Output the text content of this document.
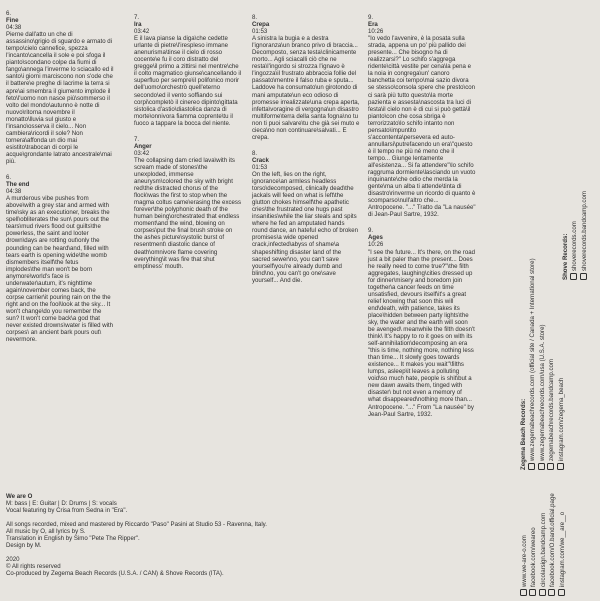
6.
Fine
04:38
Pierne dall'atto un che di assassino\grigio di sguardo e armato di tempo\cielo cannefice, spezza l'incanto\cancella il sole e poi sfoga il pianto\scondano colpe da fiumi di fango\annega l'inverme lo sciacallo ed il santo\i giorni marciscono non s'ode che il battere\e preghe di lacrime la terra si apre\ai smembra il giumento implode il feto\l'uomo non nasce più\sommerso il volto del mondo\autunno è notte di nuovo\ritorna novembre il monatto\lluvia sul giusto e l'insano\osserva il cielo... Non cambiera\ricordi il sole? Non tornera\affonda un dio mai esistito\trabocan di corpi le acque\grondante latrato ancestrale\mai più.
6.
The end
04:38
A murderous vibe pushes from above\with a grey star and armed with time\sky as an executioner, breaks the spell\obliterates the sun\ pours out the tears\mud rivers flood out guilts\the powerless, the saint and looter drown\days are rotting out\only the pounding can be heard\and, filled with tears earth is opening wide\the womb dismembers itself\the fetus implodes\the man won't be born anymore\world's face is underwater\autum, it's nighttime again\november comes back, the corpse carrier\it pouring rain on the the right and on the fool\look at the sky... It won't change\do you remember the sun? It won't come back\a god that never existed drowns\water is filled with corpses\ an ancient bark pours out\ nevermore.
7.
Ira
03:42
E il lava pianse la diga\che cedette urlante di pietre\l'irespleso immane anenurisma\tinse il cielo di rosso cocente\e fu il coro distratto del gregge\il primo a zittirsi nel mentre\che il colto magmatico giunse\cancellando il superfluo per sempre\il polifonico morir dell'uomo\orchestrò quell'eterno secondo\ed il vento soffiando sui corpi\completò il cinereo dipinto\gittata sistolica d'astio\diastolica danza di morte\onnivora fiamma coprente\tu il fuoco a tappare la bocca del niente.
7.
Anger
03:42
The collapsing dam cried lava\with its scream made of stones\the unexploded, immense aneurysm\colored the sky with bright red\the distracted chorus of the flock\was the first to stop when the magma coltus came\erasing the excess forever\the polyphonic death of the human being\orchestrated that endless moment\and the wind, blowing on corpses\put the final brush stroke on the ashes picture\systolic burst of resentment\ diastolic dance of death\omnivore flame covering everything\it was fire that shut emptiness' mouth.
8.
Crepa
01:53
A sinistra la bugia e a destra l'ignoranza\un branco privo di braccia... Decomposto, senza testa\clinicamente morto... Agli sciacalli ciò che ne resta\l'ingordo si strozza l'ignavo è l'ingozza\il frustrato abbraccia follie del passato\mentre il falso ruba e sputa... Laddove ha consumato\un girotondo di mani amputate\un eco odioso di promesse irrealizzate\una crepa aperta, infetta\voragine di vergogna\un disastro multiforme\terra della santa fogna\no tu non ti puoi salvare\tu che già sei muto e cieca\no non continuare\salvati... E crepa.
8.
Crack
01:53
On the left, lies on the right, ignorance\an armless headless torso\decomposed, clinically dead\the jackals will feed on what is left\the glutton chokes himself\the apathetic cries\the frustrated one hugs past insanities\while the liar steals and spits where he fed an amputated hands round dance, an hateful echo of broken promises\a wide opened crack,infected\abyss of shame\a shapeshifting disaster land of the sacred sewer\no, you can't save yourself\you're already dumb and blind\no, you can't go one\save yourself... And die.
9.
Era
10:26
"Io vedo l'avvenire, è la posata sulla strada, appena un po' più pallido dei presente... Che bisogno ha di realizzarsi?" Lo schifo s'aggrega ridente\città vestite per cena\la pena e la noia in congrega\un' canoro banchetta coi tempo\mai sazio divora se stesso\consola spere che presto\con ci sarà più tutto questo\la morte pazienta e assesta\nascosta tra luci di festa\il cielo non è di cui si può gettà\il pianto\con che cosa sbriga è terrorizzato\lo schifo intanto non pensato\impuntito s'accontenta\persevera ed auto-annullarsi\putrefacendo un era\"questo è il tempo ne più né meno che il tempo... Giunge lentamente all'esistenza... Si fa attendere"\lo schifo raggruma dormiente\lasciando un vuoto inquinante\che odio che merda la gente\ma un alba ti attende\tinta di disastro\rinverme un ricordo di quanto è scomparso\null'altro che... Antropocene. "..." Tratto da "La nausée" di Jean-Paul Sartre, 1932.
9.
Ages
10:26
"I see the future... It's there, on the road just a bit paler than the present... Does he really need to come true?"\the filth aggregates, laughing\cities dressed up for dinner\misery and boredom join together\a cancer feeds on time unsatisfied, devours itself\it's a great relief knowing that soon this will end\death, with patience, takes its place\hidden between party lights\the sky, the water and the earth will soon be avenged\ meanwhile the filth doesn't think\ It's happy to ro it goes on with its self-annihilation\decomposing an era "this is time, nothing more, nothing less than time... It slowly goes towards existence... It makes you wait"\filths lumps, asleep\it leaves a polluting void\so much hate, people is shit\but a new dawn awaits them, tinged with disaster\ but not even a memory of what disappeared\nothing more than... Antropocene. "..." From "La nausée" by Jean-Paul Sartre, 1932.
We are O

M: bass | E: Guitar | D: Drums | S: vocals

Vocal featuring by Crisa from Sedna in "Era".

All songs recorded, mixed and mastered by Riccardo "Paso" Pasini at Studio 53 - Ravenna, Italy.

All music by O, all lyrics by S.

Translation in English by Simo "Pete The Ripper".

Design by M.

2020

© All rights reserved

Co-produced by Zegema Beach Records (U.S.A. / CAN) & Shove Records (ITA).

Shove Records: shoverecords.com shoverecords.bandcamp.com
Zegema Beach Records: www.zegemabeachrecords.com (official site / Canada + International store) www.zegemabeachrecords.com/usa (U.S.A. store) zegemabeachrecords.bandcamp.com instagram.com/zegema_beach
www.we-are-o.com facebook.com/weareo circolarsign.bandcamp.com facebook.com/O.band.official.page instagram.com/we__are__o
